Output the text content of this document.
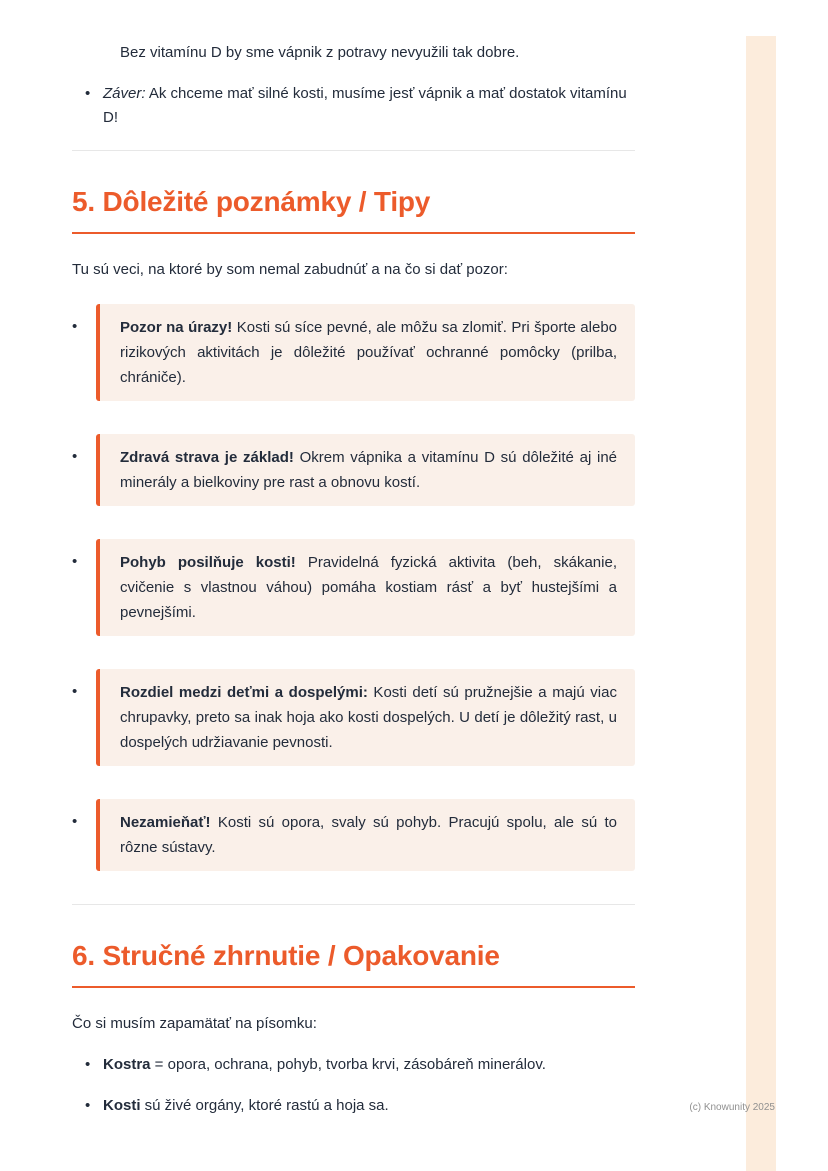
Bez vitamínu D by sme vápnik z potravy nevyužili tak dobre.

• Záver: Ak chceme mať silné kosti, musíme jesť vápnik a mať dostatok vitamínu D!

5. Dôležité poznámky / Tipy

Tu sú veci, na ktoré by som nemal zabudnúť a na čo si dať pozor:

•	Pozor na úrazy! Kosti sú síce pevné, ale môžu sa zlomiť. Pri športe alebo rizikových aktivitách je dôležité používať ochranné pomôcky (prilba, chrániče).
•	Zdravá strava je základ! Okrem vápnika a vitamínu D sú dôležité aj iné minerály a bielkoviny pre rast a obnovu kostí.
•	Pohyb posilňuje kosti! Pravidelná fyzická aktivita (beh, skákanie, cvičenie s vlastnou váhou) pomáha kostiam rásť a byť hustejšími a pevnejšími.
•	Rozdiel medzi deťmi a dospelými: Kosti detí sú pružnejšie a majú viac chrupavky, preto sa inak hoja ako kosti dospelých. U detí je dôležitý rast, u dospelých udržiavanie pevnosti.
•	Nezamieňať! Kosti sú opora, svaly sú pohyb. Pracujú spolu, ale sú to rôzne sústavy.
6. Stručné zhrnutie / Opakovanie

Čo si musím zapamätať na písomku:

• Kostra = opora, ochrana, pohyb, tvorba krvi, zásobáreň minerálov.

• Kosti sú živé orgány, ktoré rastú a hoja sa.	(c) Knowunity 2025
